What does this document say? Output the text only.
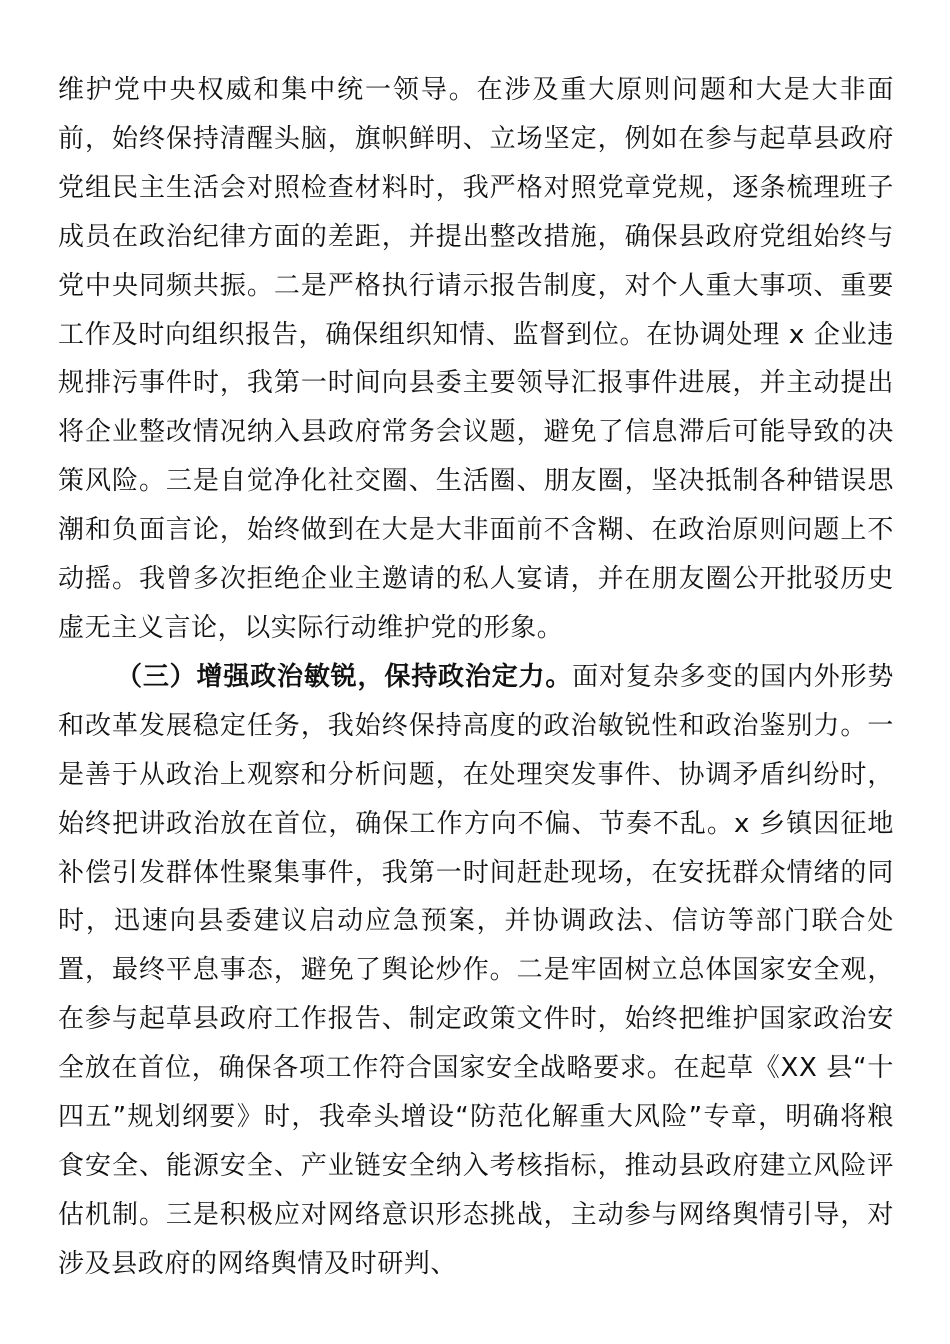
维护党中央权威和集中统一领导。在涉及重大原则问题和大是大非面前，始终保持清醒头脑，旗帜鲜明、立场坚定，例如在参与起草县政府党组民主生活会对照检查材料时，我严格对照党章党规，逐条梳理班子成员在政治纪律方面的差距，并提出整改措施，确保县政府党组始终与党中央同频共振。二是严格执行请示报告制度，对个人重大事项、重要工作及时向组织报告，确保组织知情、监督到位。在协调处理 x 企业违规排污事件时，我第一时间向县委主要领导汇报事件进展，并主动提出将企业整改情况纳入县政府常务会议题，避免了信息滞后可能导致的决策风险。三是自觉净化社交圈、生活圈、朋友圈，坚决抵制各种错误思潮和负面言论，始终做到在大是大非面前不含糊、在政治原则问题上不动摇。我曾多次拒绝企业主邀请的私人宴请，并在朋友圈公开批驳历史虚无主义言论，以实际行动维护党的形象。

（三）增强政治敏锐，保持政治定力。面对复杂多变的国内外形势和改革发展稳定任务，我始终保持高度的政治敏锐性和政治鉴别力。一是善于从政治上观察和分析问题，在处理突发事件、协调矛盾纠纷时，始终把讲政治放在首位，确保工作方向不偏、节奏不乱。x 乡镇因征地补偿引发群体性聚集事件，我第一时间赶赴现场，在安抚群众情绪的同时，迅速向县委建议启动应急预案，并协调政法、信访等部门联合处置，最终平息事态，避免了舆论炒作。二是牢固树立总体国家安全观，在参与起草县政府工作报告、制定政策文件时，始终把维护国家政治安全放在首位，确保各项工作符合国家安全战略要求。在起草《XX 县“十四五”规划纲要》时，我牵头增设“防范化解重大风险”专章，明确将粮食安全、能源安全、产业链安全纳入考核指标，推动县政府建立风险评估机制。三是积极应对网络意识形态挑战，主动参与网络舆情引导，对涉及县政府的网络舆情及时研判、
